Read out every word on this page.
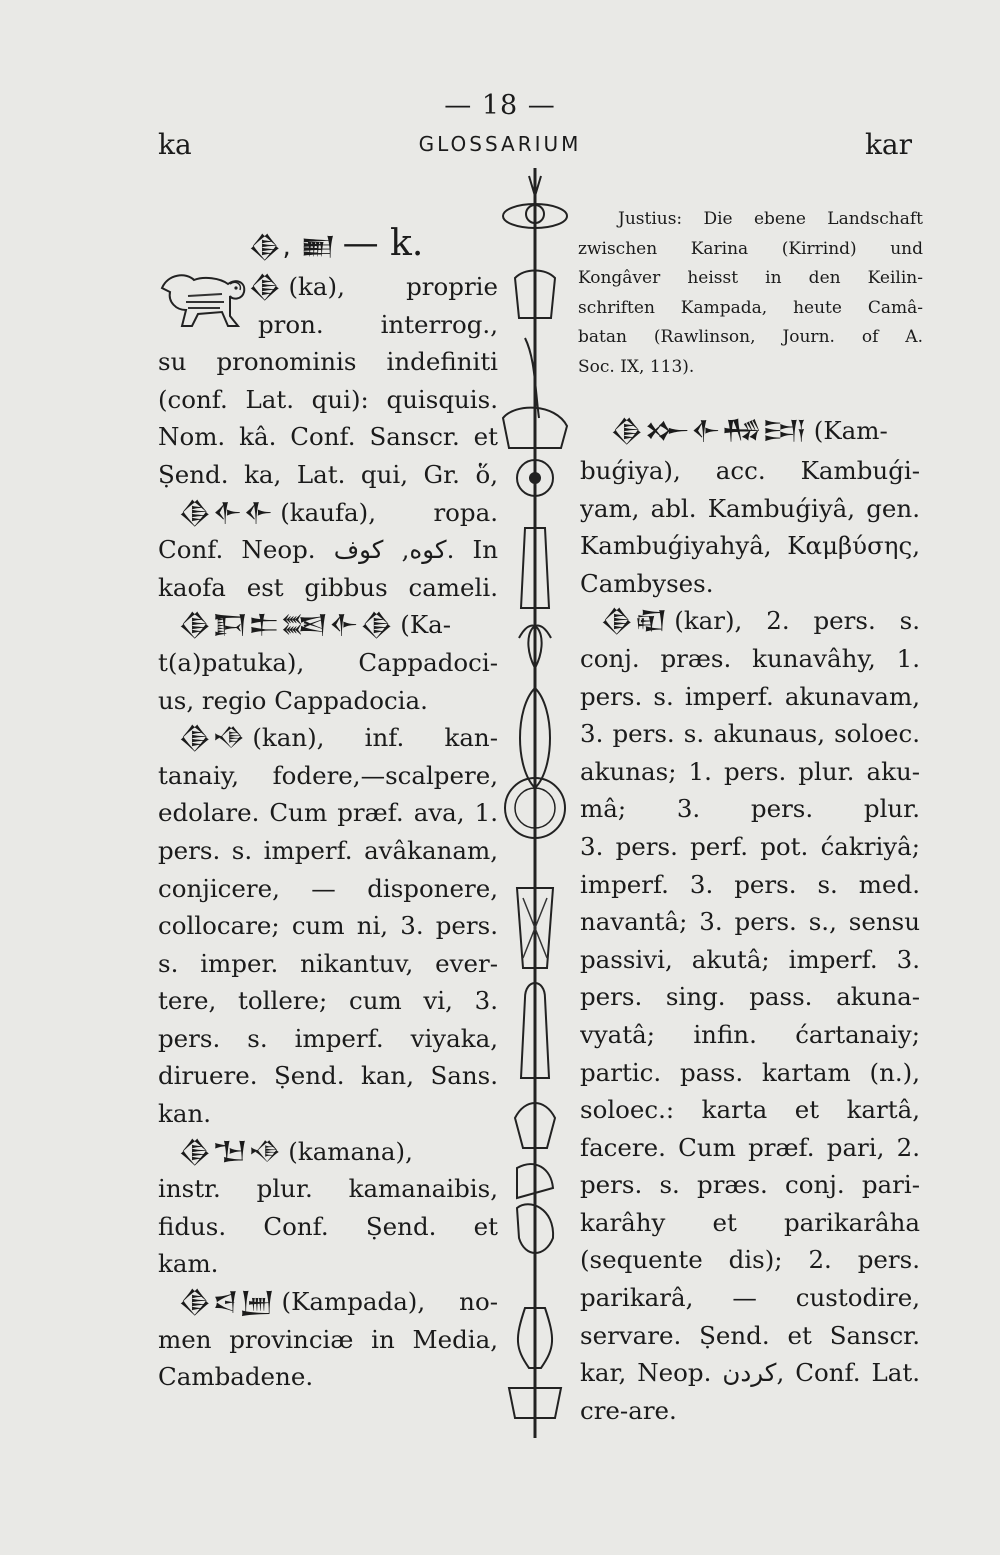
— 18 —
ka	GLOSSARIUM	kar
𒆠, 𒆤 — k.
𒆠 (ka), proprie
pron. interrog.,
su pronominis indefiniti
(conf. Lat. qui): quisquis.
Nom. kâ. Conf. Sanscr. et
Ṣend. ka, Lat. qui, Gr. ὅ,
𒆠𒅆𒅆 (kaufa), ropa.
Conf. Neop. كوه, كوف. In
kaofa est gibbus cameli.
𒆠𒁕𒉺𒌅𒅆𒆠 (Ka-
t(a)patuka), Cappadoci-
us, regio Cappadocia.
𒆠𒈾 (kan), inf. kan-
tanaiy, fodere,—scalpere,
edolare. Cum præf. ava, 1.
pers. s. imperf. avâkanam,
conjicere, — disponere,
collocare; cum ni, 3. pers.
s. imper. nikantuv, ever-
tere, tollere; cum vi, 3.
pers. s. imperf. viyaka,
diruere. Ṣend. kan, Sans.
kan.
𒆠𒈠𒈾 (kamana),
instr. plur. kamanaibis,
fidus. Conf. Ṣend. et
kam.
𒆠𒁀𒅁 (Kampada), no-
men provinciæ in Media,
Cambadene.
Justius: Die ebene Landschaft
zwischen Karina (Kirrind) und
Kongâver heisst in den Keilin-
schriften Kampada, heute Camâ-
batan (Rawlinson, Journ. of A.
Soc. IX, 113).
𒆠𒁍𒅆𒄀𒅀 (Kam-
buǵiya), acc. Kambuǵi-
yam, abl. Kambuǵiyâ, gen.
Kambuǵiyahyâ, Καμβύσης,
Cambyses.
𒆠𒊏 (kar), 2. pers. s.
conj. præs. kunavâhy, 1.
pers. s. imperf. akunavam,
3. pers. s. akunaus, soloec.
akunas; 1. pers. plur. aku-
mâ; 3. pers. plur.
3. pers. perf. pot. ćakriyâ;
imperf. 3. pers. s. med.
navantâ; 3. pers. s., sensu
passivi, akutâ; imperf. 3.
pers. sing. pass. akuna-
vyatâ; infin. ćartanaiy;
partic. pass. kartam (n.),
soloec.: karta et kartâ,
facere. Cum præf. pari, 2.
pers. s. præs. conj. pari-
karâhy et parikarâha
(sequente dis); 2. pers.
parikarâ, — custodire,
servare. Ṣend. et Sanscr.
kar, Neop. كردن, Conf. Lat.
cre-are.
